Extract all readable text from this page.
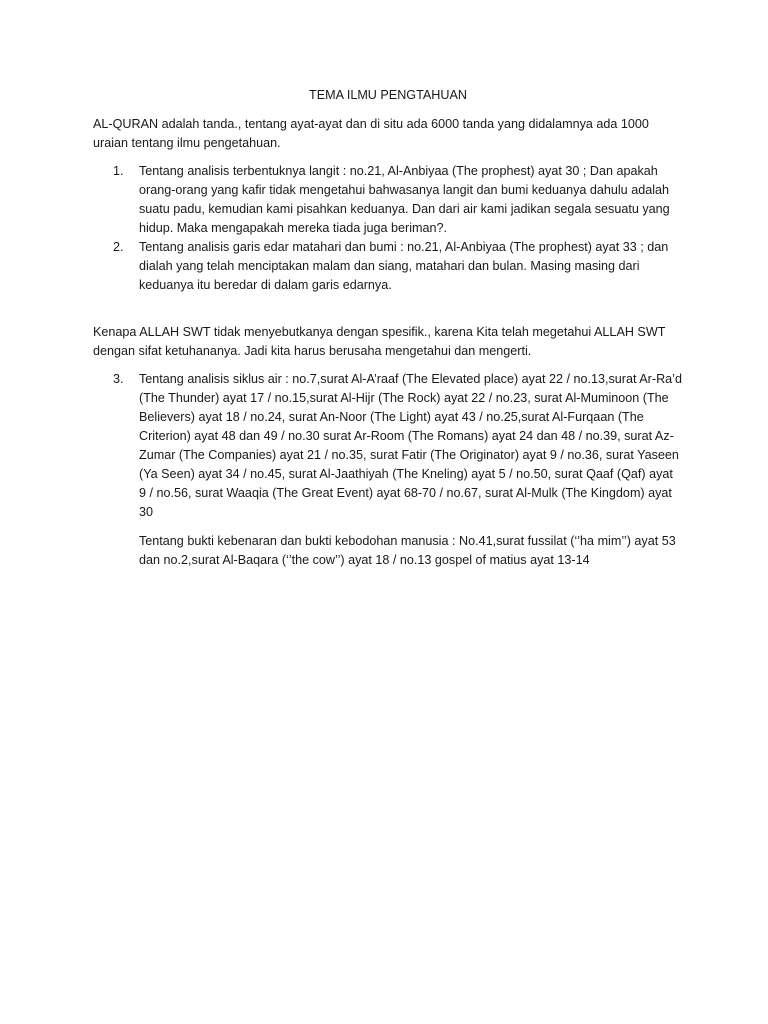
TEMA ILMU PENGTAHUAN

AL-QURAN adalah tanda., tentang ayat-ayat dan di situ ada 6000 tanda yang didalamnya ada 1000 uraian tentang ilmu pengetahuan.

1. Tentang analisis terbentuknya langit : no.21, Al-Anbiyaa (The prophest) ayat 30 ; Dan apakah orang-orang yang kafir tidak mengetahui bahwasanya langit dan bumi keduanya dahulu adalah suatu padu, kemudian kami pisahkan keduanya. Dan dari air kami jadikan segala sesuatu yang hidup. Maka mengapakah mereka tiada juga beriman?.
2. Tentang analisis garis edar matahari dan bumi : no.21, Al-Anbiyaa (The prophest) ayat 33 ; dan dialah yang telah menciptakan malam dan siang, matahari dan bulan. Masing masing dari keduanya itu beredar di dalam garis edarnya.

Kenapa ALLAH SWT tidak menyebutkanya dengan spesifik., karena Kita telah megetahui ALLAH SWT dengan sifat ketuhananya. Jadi kita harus berusaha mengetahui dan mengerti.

3. Tentang analisis siklus air : no.7,surat Al-A’raaf (The Elevated place) ayat 22 / no.13,surat Ar-Ra’d (The Thunder) ayat 17 / no.15,surat Al-Hijr (The Rock) ayat 22 / no.23, surat Al-Muminoon (The Believers) ayat 18 / no.24, surat An-Noor (The Light) ayat 43 / no.25,surat Al-Furqaan (The Criterion) ayat 48 dan 49 / no.30 surat Ar-Room (The Romans) ayat 24 dan 48 / no.39, surat Az-Zumar (The Companies) ayat 21 / no.35, surat Fatir (The Originator) ayat 9 / no.36, surat Yaseen (Ya Seen) ayat 34 / no.45, surat Al-Jaathiyah (The Kneling) ayat 5 / no.50, surat Qaaf (Qaf) ayat 9 / no.56, surat Waaqia (The Great Event) ayat 68-70 / no.67, surat Al-Mulk (The Kingdom) ayat 30

Tentang bukti kebenaran dan bukti kebodohan manusia : No.41,surat fussilat (‘’ha mim’’) ayat 53 dan no.2,surat Al-Baqara (‘’the cow’’) ayat 18 / no.13 gospel of matius ayat 13-14
